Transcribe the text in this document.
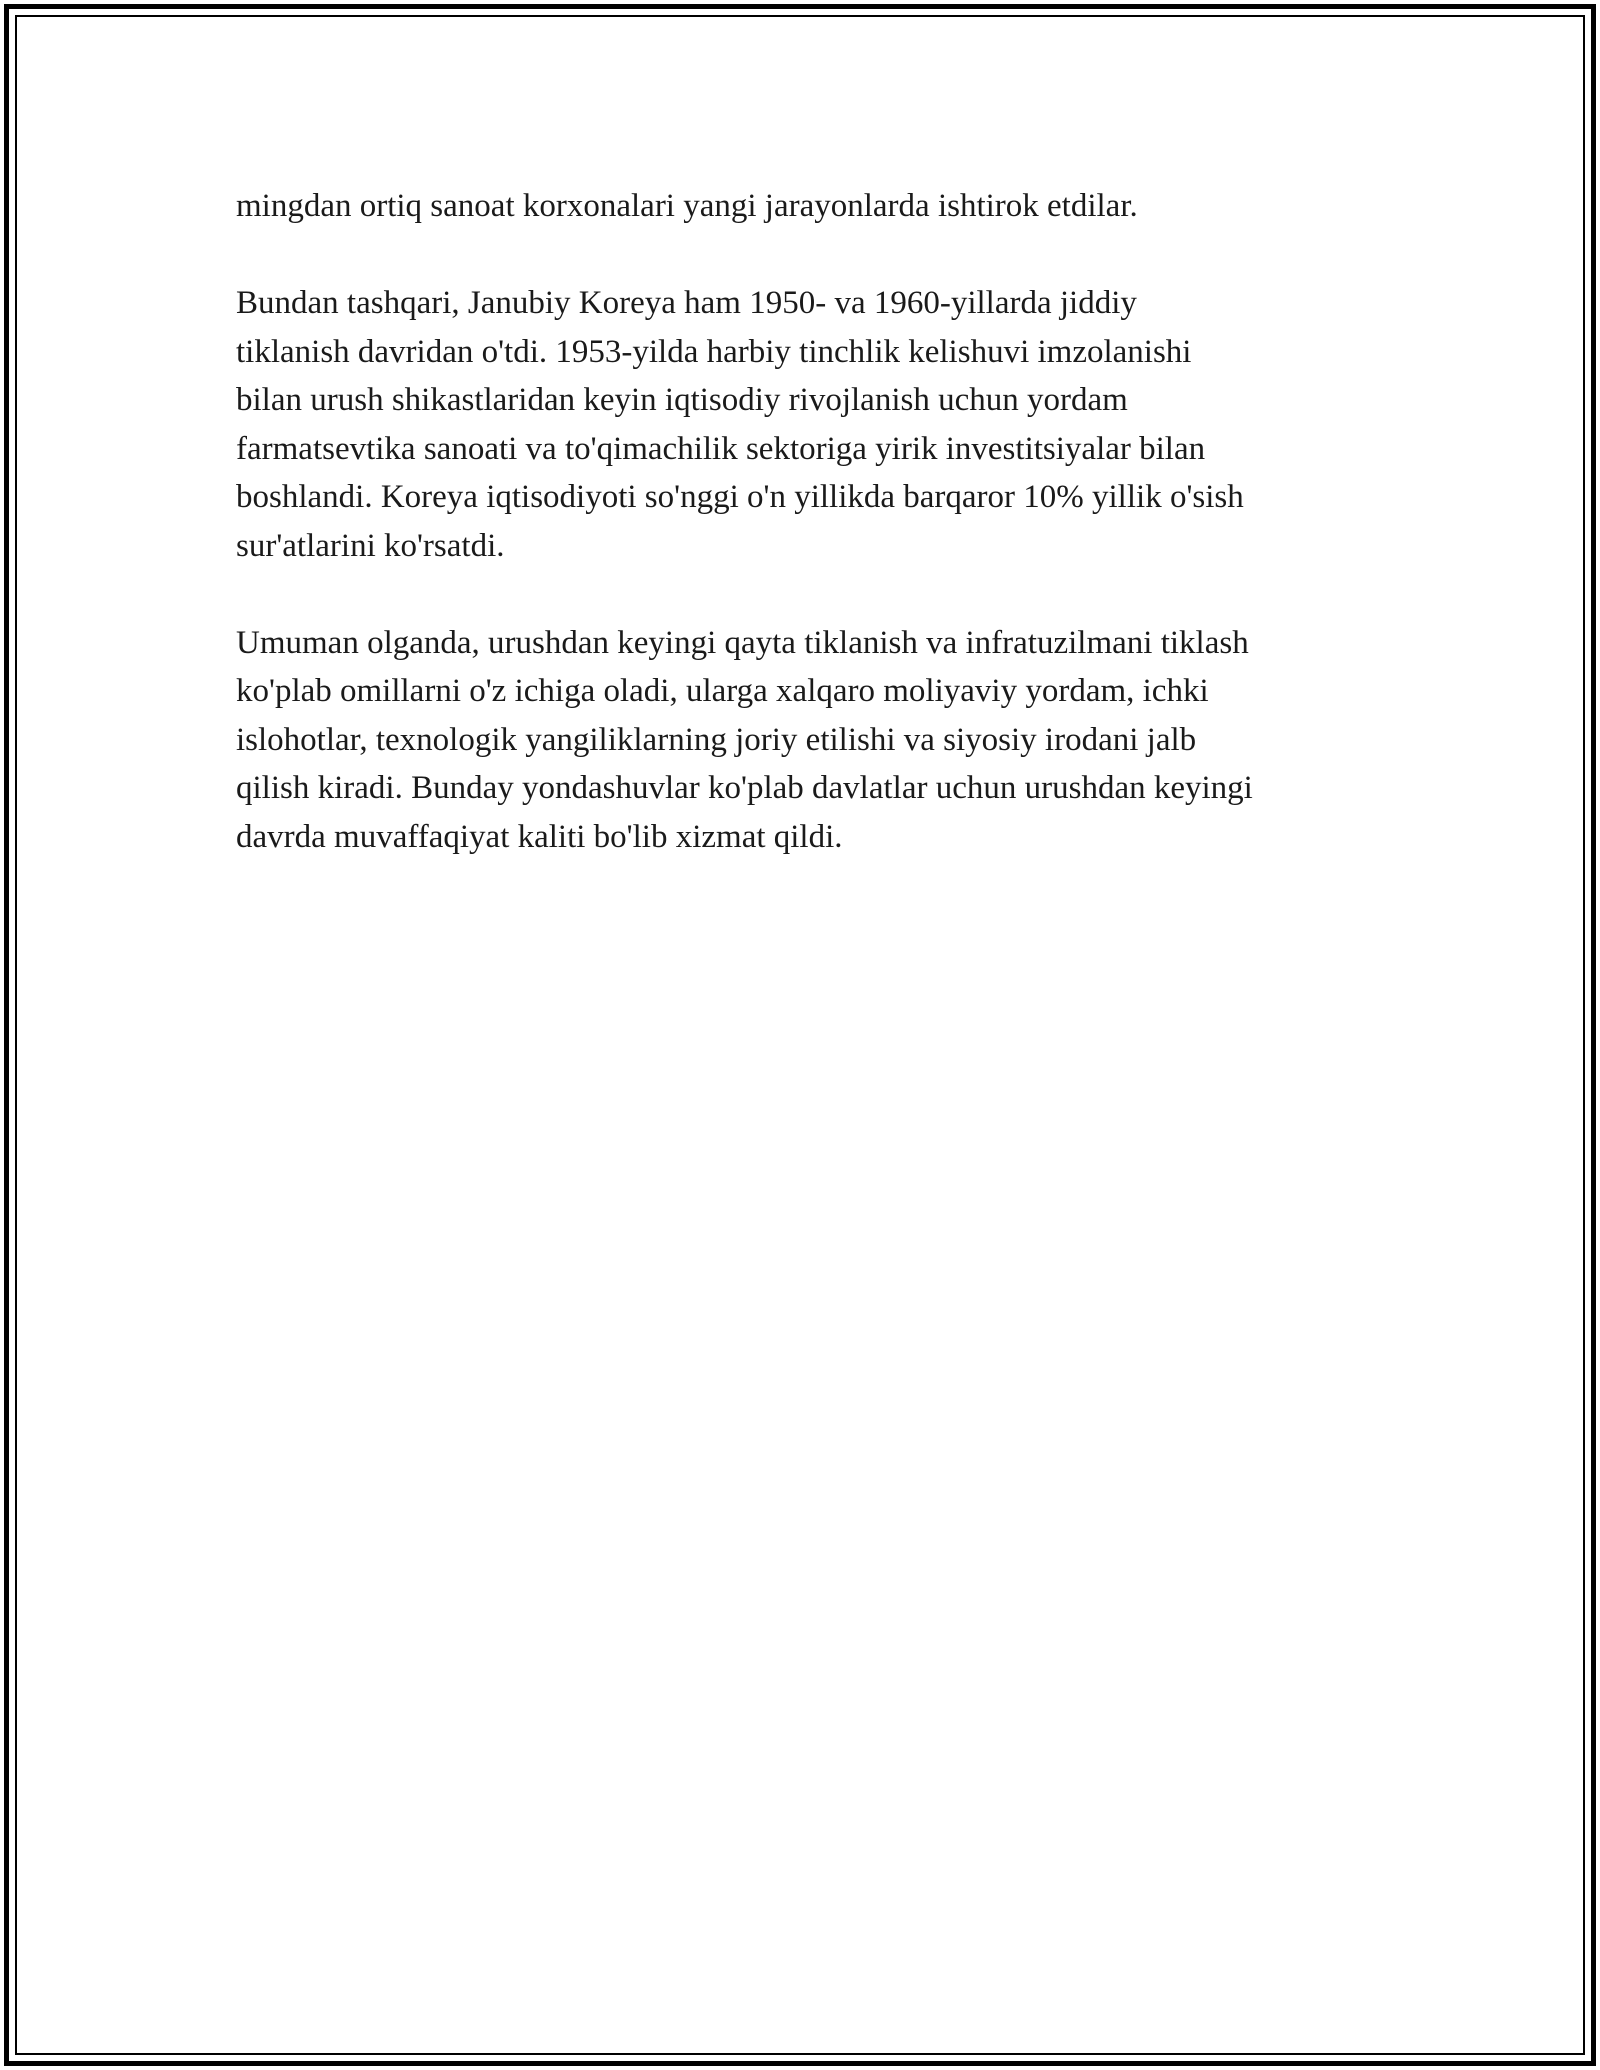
mingdan ortiq sanoat korxonalari yangi jarayonlarda ishtirok etdilar.

Bundan tashqari, Janubiy Koreya ham 1950- va 1960-yillarda jiddiy
tiklanish davridan o'tdi. 1953-yilda harbiy tinchlik kelishuvi imzolanishi
bilan urush shikastlaridan keyin iqtisodiy rivojlanish uchun yordam
farmatsevtika sanoati va to'qimachilik sektoriga yirik investitsiyalar bilan
boshlandi. Koreya iqtisodiyoti so'nggi o'n yillikda barqaror 10% yillik o'sish
sur'atlarini ko'rsatdi.

Umuman olganda, urushdan keyingi qayta tiklanish va infratuzilmani tiklash
ko'plab omillarni o'z ichiga oladi, ularga xalqaro moliyaviy yordam, ichki
islohotlar, texnologik yangiliklarning joriy etilishi va siyosiy irodani jalb
qilish kiradi. Bunday yondashuvlar ko'plab davlatlar uchun urushdan keyingi
davrda muvaffaqiyat kaliti bo'lib xizmat qildi.
